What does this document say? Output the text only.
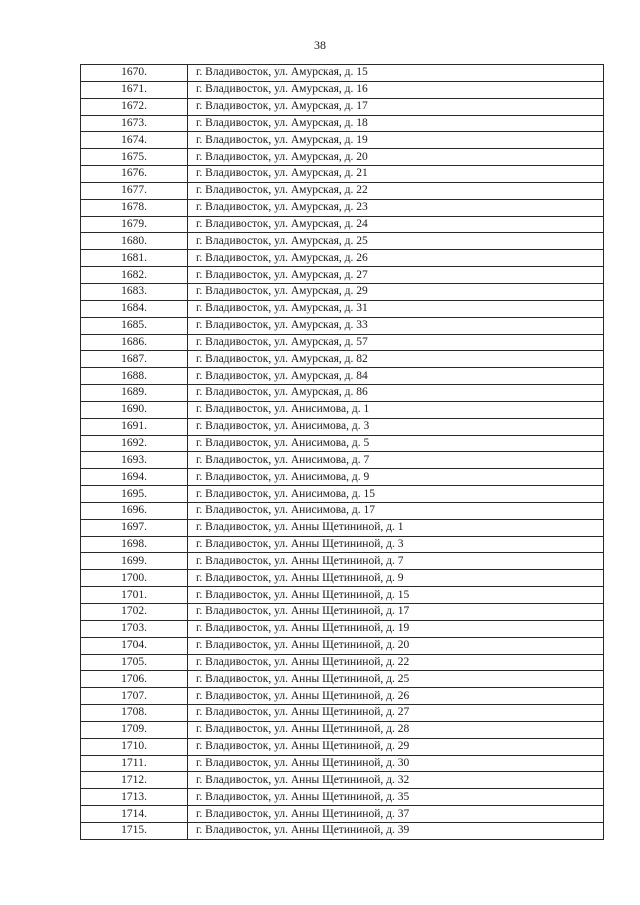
38
1670.	г. Владивосток, ул. Амурская, д. 15
1671.	г. Владивосток, ул. Амурская, д. 16
1672.	г. Владивосток, ул. Амурская, д. 17
1673.	г. Владивосток, ул. Амурская, д. 18
1674.	г. Владивосток, ул. Амурская, д. 19
1675.	г. Владивосток, ул. Амурская, д. 20
1676.	г. Владивосток, ул. Амурская, д. 21
1677.	г. Владивосток, ул. Амурская, д. 22
1678.	г. Владивосток, ул. Амурская, д. 23
1679.	г. Владивосток, ул. Амурская, д. 24
1680.	г. Владивосток, ул. Амурская, д. 25
1681.	г. Владивосток, ул. Амурская, д. 26
1682.	г. Владивосток, ул. Амурская, д. 27
1683.	г. Владивосток, ул. Амурская, д. 29
1684.	г. Владивосток, ул. Амурская, д. 31
1685.	г. Владивосток, ул. Амурская, д. 33
1686.	г. Владивосток, ул. Амурская, д. 57
1687.	г. Владивосток, ул. Амурская, д. 82
1688.	г. Владивосток, ул. Амурская, д. 84
1689.	г. Владивосток, ул. Амурская, д. 86
1690.	г. Владивосток, ул. Анисимова, д. 1
1691.	г. Владивосток, ул. Анисимова, д. 3
1692.	г. Владивосток, ул. Анисимова, д. 5
1693.	г. Владивосток, ул. Анисимова, д. 7
1694.	г. Владивосток, ул. Анисимова, д. 9
1695.	г. Владивосток, ул. Анисимова, д. 15
1696.	г. Владивосток, ул. Анисимова, д. 17
1697.	г. Владивосток, ул. Анны Щетининой, д. 1
1698.	г. Владивосток, ул. Анны Щетининой, д. 3
1699.	г. Владивосток, ул. Анны Щетининой, д. 7
1700.	г. Владивосток, ул. Анны Щетининой, д. 9
1701.	г. Владивосток, ул. Анны Щетининой, д. 15
1702.	г. Владивосток, ул. Анны Щетининой, д. 17
1703.	г. Владивосток, ул. Анны Щетининой, д. 19
1704.	г. Владивосток, ул. Анны Щетининой, д. 20
1705.	г. Владивосток, ул. Анны Щетининой, д. 22
1706.	г. Владивосток, ул. Анны Щетининой, д. 25
1707.	г. Владивосток, ул. Анны Щетининой, д. 26
1708.	г. Владивосток, ул. Анны Щетининой, д. 27
1709.	г. Владивосток, ул. Анны Щетининой, д. 28
1710.	г. Владивосток, ул. Анны Щетининой, д. 29
1711.	г. Владивосток, ул. Анны Щетининой, д. 30
1712.	г. Владивосток, ул. Анны Щетининой, д. 32
1713.	г. Владивосток, ул. Анны Щетининой, д. 35
1714.	г. Владивосток, ул. Анны Щетининой, д. 37
1715.	г. Владивосток, ул. Анны Щетининой, д. 39
